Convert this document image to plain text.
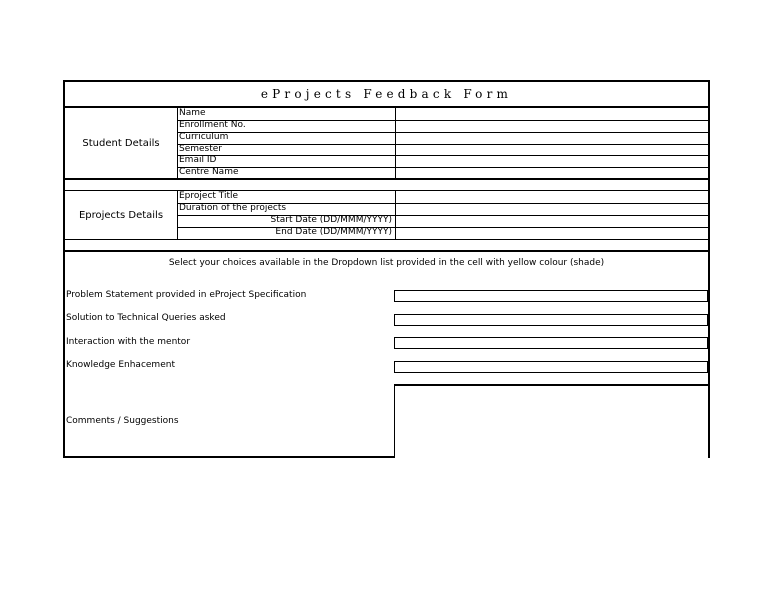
eProjects Feedback Form
Student Details
Name
Enrollment No.
Curriculum
Semester
Email ID
Centre Name
Eprojects Details
Eproject Title
Duration of the projects
Start Date (DD/MMM/YYYY)
End Date (DD/MMM/YYYY)
Select your choices available in the Dropdown list provided in the cell with yellow colour (shade)
Problem Statement provided in eProject Specification
Solution to Technical Queries asked
Interaction with the mentor
Knowledge Enhacement
Comments / Suggestions
